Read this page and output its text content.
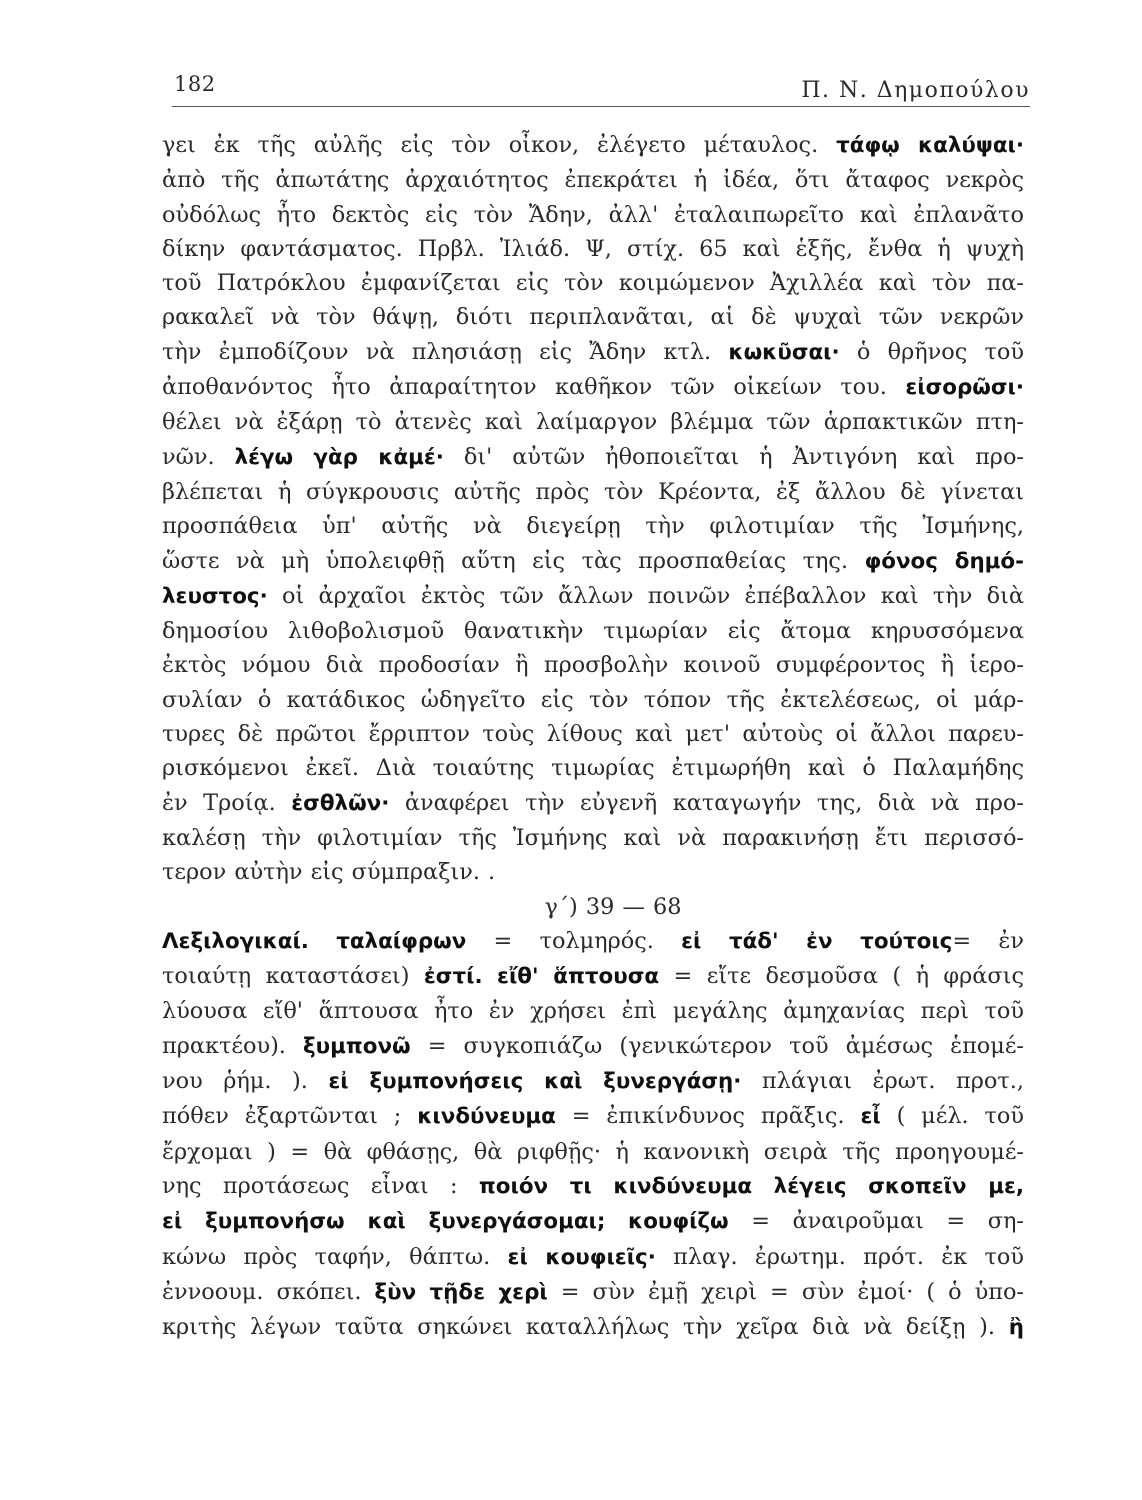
182	Π. Ν. Δημοπούλου
γει ἐκ τῆς αὐλῆς εἰς τὸν οἶκον, ἐλέγετο μέταυλος. τάφῳ καλύψαι·
ἀπὸ τῆς ἀπωτάτης ἀρχαιότητος ἐπεκράτει ἡ ἰδέα, ὅτι ἄταφος νεκρὸς
οὐδόλως ἦτο δεκτὸς εἰς τὸν Ἄδην, ἀλλ' ἐταλαιπωρεῖτο καὶ ἐπλανᾶτο
δίκην φαντάσματος. Πρβλ. Ἰλιάδ. Ψ, στίχ. 65 καὶ ἑξῆς, ἔνθα ἡ ψυχὴ
τοῦ Πατρόκλου ἐμφανίζεται εἰς τὸν κοιμώμενον Ἀχιλλέα καὶ τὸν πα-
ρακαλεῖ νὰ τὸν θάψῃ, διότι περιπλανᾶται, αἱ δὲ ψυχαὶ τῶν νεκρῶν
τὴν ἐμποδίζουν νὰ πλησιάσῃ εἰς Ἄδην κτλ. κωκῦσαι· ὁ θρῆνος τοῦ
ἀποθανόντος ἦτο ἀπαραίτητον καθῆκον τῶν οἰκείων του. εἰσορῶσι·
θέλει νὰ ἐξάρῃ τὸ ἀτενὲς καὶ λαίμαργον βλέμμα τῶν ἁρπακτικῶν πτη-
νῶν. λέγω γὰρ κἀμέ· δι' αὐτῶν ἠθοποιεῖται ἡ Ἀντιγόνη καὶ προ-
βλέπεται ἡ σύγκρουσις αὐτῆς πρὸς τὸν Κρέοντα, ἐξ ἄλλου δὲ γίνεται
προσπάθεια ὑπ' αὐτῆς νὰ διεγείρῃ τὴν φιλοτιμίαν τῆς Ἰσμήνης,
ὥστε νὰ μὴ ὑπολειφθῇ αὕτη εἰς τὰς προσπαθείας της. φόνος δημό-
λευστος· οἱ ἀρχαῖοι ἐκτὸς τῶν ἄλλων ποινῶν ἐπέβαλλον καὶ τὴν διὰ
δημοσίου λιθοβολισμοῦ θανατικὴν τιμωρίαν εἰς ἄτομα κηρυσσόμενα
ἐκτὸς νόμου διὰ προδοσίαν ἢ προσβολὴν κοινοῦ συμφέροντος ἢ ἱερο-
συλίαν ὁ κατάδικος ὡδηγεῖτο εἰς τὸν τόπον τῆς ἐκτελέσεως, οἱ μάρ-
τυρες δὲ πρῶτοι ἔρριπτον τοὺς λίθους καὶ μετ' αὐτοὺς οἱ ἄλλοι παρευ-
ρισκόμενοι ἐκεῖ. Διὰ τοιαύτης τιμωρίας ἐτιμωρήθη καὶ ὁ Παλαμήδης
ἐν Τροίᾳ. ἐσθλῶν· ἀναφέρει τὴν εὐγενῆ καταγωγήν της, διὰ νὰ προ-
καλέσῃ τὴν φιλοτιμίαν τῆς Ἰσμήνης καὶ νὰ παρακινήσῃ ἔτι περισσό-
τερον αὐτὴν εἰς σύμπραξιν. .
γ΄) 39 — 68
Λεξιλογικαί. ταλαίφρων = τολμηρός. εἰ τάδ' ἐν τούτοις= ἐν
τοιαύτῃ καταστάσει) ἐστί. εἴθ' ἅπτουσα = εἴτε δεσμοῦσα ( ἡ φράσις
λύουσα εἴθ' ἅπτουσα ἦτο ἐν χρήσει ἐπὶ μεγάλης ἀμηχανίας περὶ τοῦ
πρακτέου). ξυμπονῶ = συγκοπιάζω (γενικώτερον τοῦ ἀμέσως ἑπομέ-
νου ῥήμ. ). εἰ ξυμπονήσεις καὶ ξυνεργάσῃ· πλάγιαι ἐρωτ. προτ.,
πόθεν ἐξαρτῶνται ; κινδύνευμα = ἐπικίνδυνος πρᾶξις. εἶ ( μέλ. τοῦ
ἔρχομαι ) = θὰ φθάσῃς, θὰ ριφθῇς· ἡ κανονικὴ σειρὰ τῆς προηγουμέ-
νης προτάσεως εἶναι : ποιόν τι κινδύνευμα λέγεις σκοπεῖν με,
εἰ ξυμπονήσω καὶ ξυνεργάσομαι; κουφίζω = ἀναιροῦμαι = ση-
κώνω πρὸς ταφήν, θάπτω. εἰ κουφιεῖς· πλαγ. ἐρωτημ. πρότ. ἐκ τοῦ
ἐννοουμ. σκόπει. ξὺν τῇδε χερὶ = σὺν ἐμῇ χειρὶ = σὺν ἐμοί· ( ὁ ὑπο-
κριτὴς λέγων ταῦτα σηκώνει καταλλήλως τὴν χεῖρα διὰ νὰ δείξῃ ). ἢ
